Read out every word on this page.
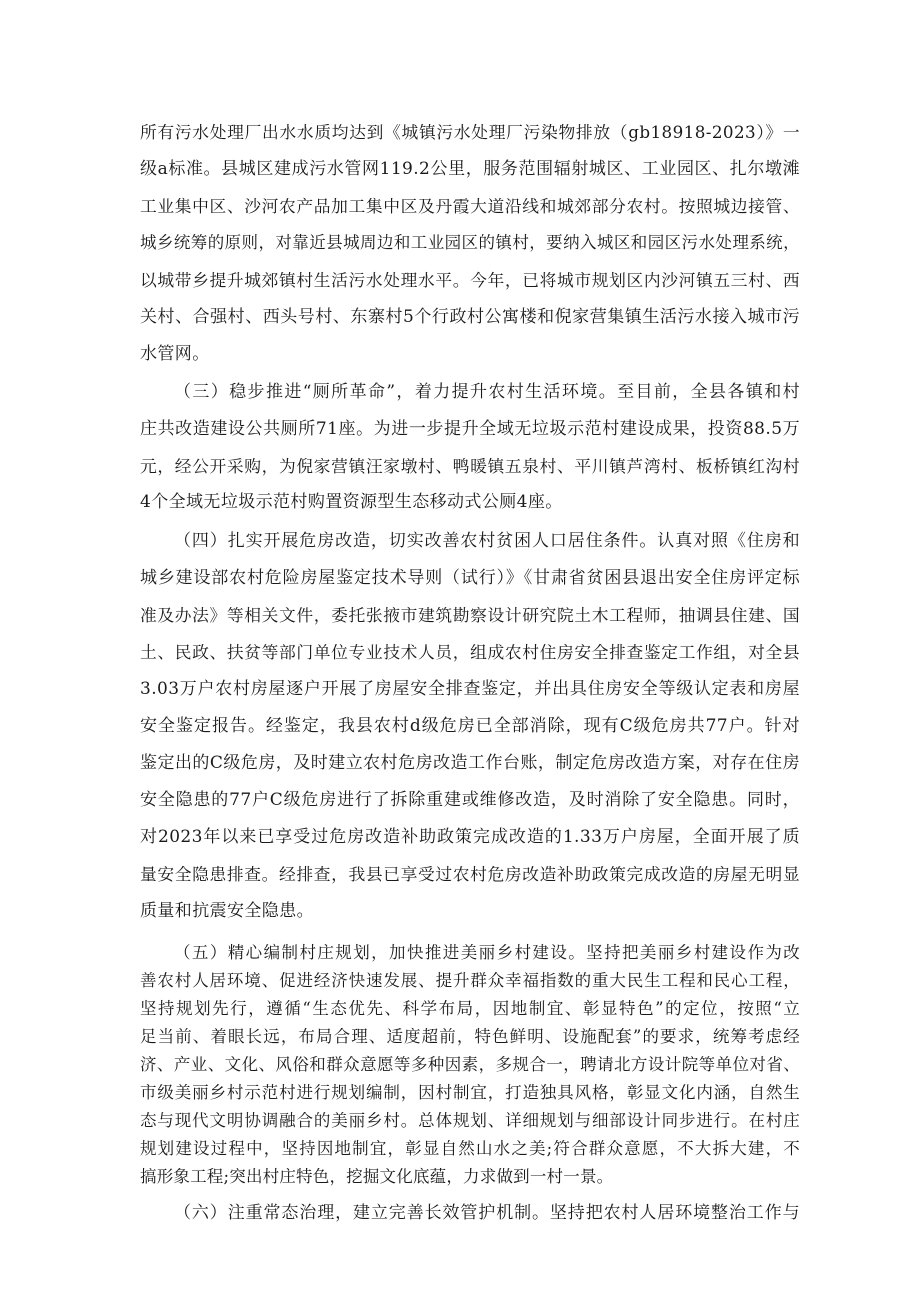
所有污水处理厂出水水质均达到《城镇污水处理厂污染物排放（gb18918-2023）》一
级a标准。县城区建成污水管网119.2公里，服务范围辐射城区、工业园区、扎尔墩滩
工业集中区、沙河农产品加工集中区及丹霞大道沿线和城郊部分农村。按照城边接管、
城乡统筹的原则，对靠近县城周边和工业园区的镇村，要纳入城区和园区污水处理系统，
以城带乡提升城郊镇村生活污水处理水平。今年，已将城市规划区内沙河镇五三村、西
关村、合强村、西头号村、东寨村5个行政村公寓楼和倪家营集镇生活污水接入城市污
水管网。
（三）稳步推进“厕所革命”，着力提升农村生活环境。至目前，全县各镇和村
庄共改造建设公共厕所71座。为进一步提升全域无垃圾示范村建设成果，投资88.5万
元，经公开采购，为倪家营镇汪家墩村、鸭暖镇五泉村、平川镇芦湾村、板桥镇红沟村
4个全域无垃圾示范村购置资源型生态移动式公厕4座。
（四）扎实开展危房改造，切实改善农村贫困人口居住条件。认真对照《住房和
城乡建设部农村危险房屋鉴定技术导则（试行）》《甘肃省贫困县退出安全住房评定标
准及办法》等相关文件，委托张掖市建筑勘察设计研究院土木工程师，抽调县住建、国
土、民政、扶贫等部门单位专业技术人员，组成农村住房安全排查鉴定工作组，对全县
3.03万户农村房屋逐户开展了房屋安全排查鉴定，并出具住房安全等级认定表和房屋
安全鉴定报告。经鉴定，我县农村d级危房已全部消除，现有C级危房共77户。针对
鉴定出的C级危房，及时建立农村危房改造工作台账，制定危房改造方案，对存在住房
安全隐患的77户C级危房进行了拆除重建或维修改造，及时消除了安全隐患。同时，
对2023年以来已享受过危房改造补助政策完成改造的1.33万户房屋，全面开展了质
量安全隐患排查。经排查，我县已享受过农村危房改造补助政策完成改造的房屋无明显
质量和抗震安全隐患。
（五）精心编制村庄规划，加快推进美丽乡村建设。坚持把美丽乡村建设作为改
善农村人居环境、促进经济快速发展、提升群众幸福指数的重大民生工程和民心工程，
坚持规划先行，遵循“生态优先、科学布局，因地制宜、彰显特色”的定位，按照“立
足当前、着眼长远，布局合理、适度超前，特色鲜明、设施配套”的要求，统筹考虑经
济、产业、文化、风俗和群众意愿等多种因素，多规合一，聘请北方设计院等单位对省、
市级美丽乡村示范村进行规划编制，因村制宜，打造独具风格，彰显文化内涵，自然生
态与现代文明协调融合的美丽乡村。总体规划、详细规划与细部设计同步进行。在村庄
规划建设过程中，坚持因地制宜，彰显自然山水之美;符合群众意愿，不大拆大建，不
搞形象工程;突出村庄特色，挖掘文化底蕴，力求做到一村一景。
（六）注重常态治理，建立完善长效管护机制。坚持把农村人居环境整治工作与
